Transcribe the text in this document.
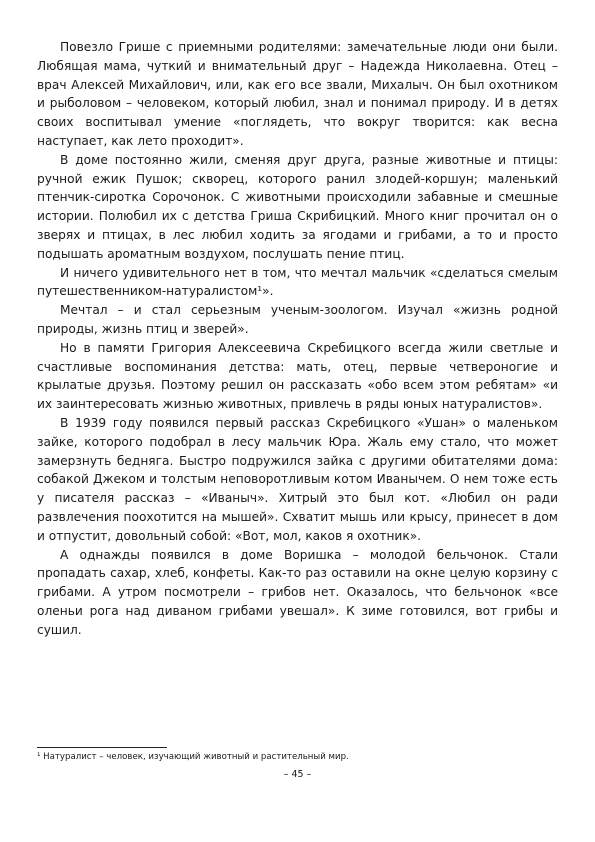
Повезло Грише с приемными родителями: замечательные люди они были. Любящая мама, чуткий и внимательный друг – Надежда Николаевна. Отец – врач Алексей Михайлович, или, как его все звали, Михалыч. Он был охотником и рыболовом – человеком, который любил, знал и понимал природу. И в детях своих воспитывал умение «поглядеть, что вокруг творится: как весна наступает, как лето проходит».

В доме постоянно жили, сменяя друг друга, разные животные и птицы: ручной ежик Пушок; скворец, которого ранил злодей-коршун; маленький птенчик-сиротка Сорочонок. С животными происходили забавные и смешные истории. Полюбил их с детства Гриша Скрибицкий. Много книг прочитал он о зверях и птицах, в лес любил ходить за ягодами и грибами, а то и просто подышать ароматным воздухом, послушать пение птиц.

И ничего удивительного нет в том, что мечтал мальчик «сделаться смелым путешественником-натуралистом¹».

Мечтал – и стал серьезным ученым-зоологом. Изучал «жизнь родной природы, жизнь птиц и зверей».

Но в памяти Григория Алексеевича Скребицкого всегда жили светлые и счастливые воспоминания детства: мать, отец, первые четвероногие и крылатые друзья. Поэтому решил он рассказать «обо всем этом ребятам» «и их заинтересовать жизнью животных, привлечь в ряды юных натуралистов».

В 1939 году появился первый рассказ Скребицкого «Ушан» о маленьком зайке, которого подобрал в лесу мальчик Юра. Жаль ему стало, что может замерзнуть бедняга. Быстро подружился зайка с другими обитателями дома: собакой Джеком и толстым неповоротливым котом Иванычем. О нем тоже есть у писателя рассказ – «Иваныч». Хитрый это был кот. «Любил он ради развлечения поохотится на мышей». Схватит мышь или крысу, принесет в дом и отпустит, довольный собой: «Вот, мол, каков я охотник».

А однажды появился в доме Воришка – молодой бельчонок. Стали пропадать сахар, хлеб, конфеты. Как-то раз оставили на окне целую корзину с грибами. А утром посмотрели – грибов нет. Оказалось, что бельчонок «все оленьи рога над диваном грибами увешал». К зиме готовился, вот грибы и сушил.

¹ Натуралист – человек, изучающий животный и растительный мир.
– 45 –
